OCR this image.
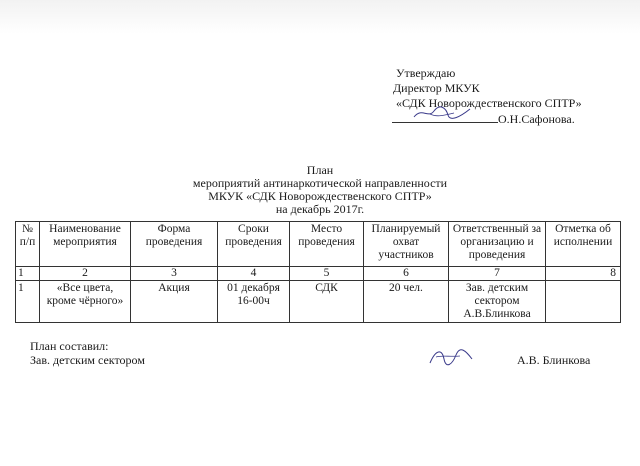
Утверждаю
Директор МКУК
«СДК Новорождественского СПТР»
О.Н.Сафонова.
План
мероприятий антинаркотической направленности
МКУК «СДК Новорождественского СПТР»
на декабрь 2017г.
№ п/п	Наименование мероприятия	Форма проведения	Сроки проведения	Место проведения	Планируемый охват участников	Ответственный за организацию и проведения	Отметка об исполнении
1	2	3	4	5	6	7	8
1	«Все цвета, кроме чёрного»	Акция	01 декабря 16-00ч	СДК	20 чел.	Зав. детским сектором А.В.Блинкова	
План составил:
Зав. детским сектором	А.В. Блинкова
